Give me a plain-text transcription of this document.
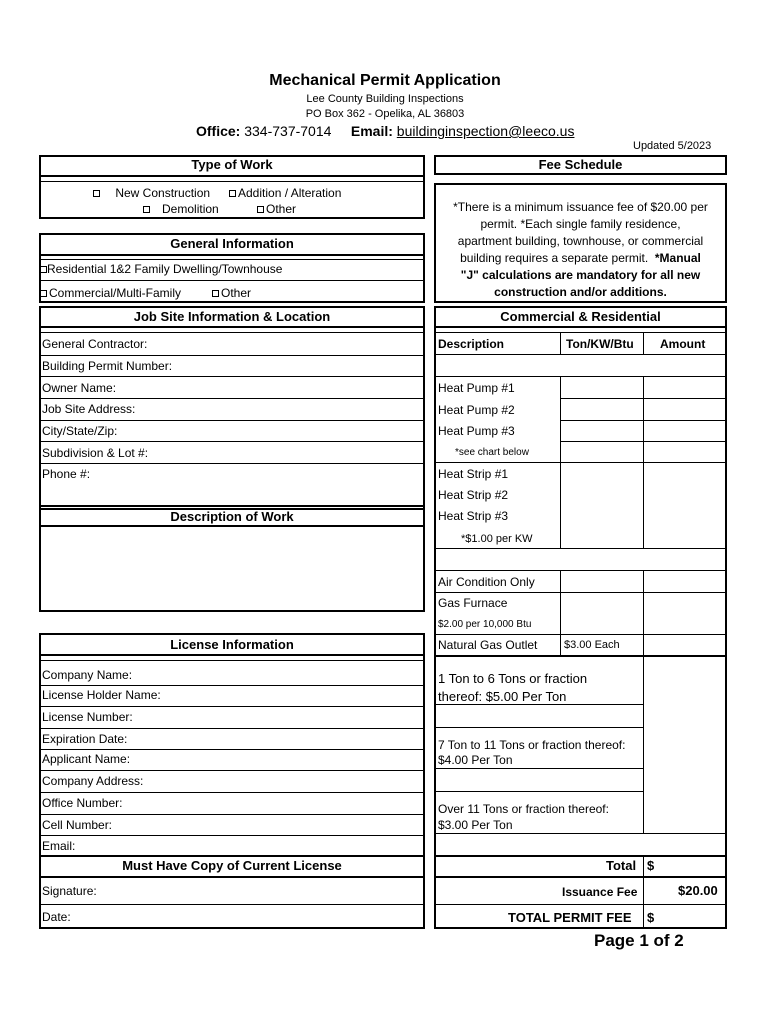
Mechanical Permit Application
Lee County Building Inspections
PO Box 362 - Opelika, AL 36803
Office: 334-737-7014 Email: buildinginspection@leeco.us
Updated 5/2023
Type of Work
New Construction	Addition / Alteration
Demolition	Other
General Information
Residential 1&2 Family Dwelling/Townhouse
Commercial/Multi-Family	Other
Job Site Information & Location
General Contractor:
Building Permit Number:
Owner Name:
Job Site Address:
City/State/Zip:
Subdivision & Lot #:
Phone #:
Description of Work
License Information
Company Name:
License Holder Name:
License Number:
Expiration Date:
Applicant Name:
Company Address:
Office Number:
Cell Number:
Email:
Must Have Copy of Current License
Signature:
Date:
Fee Schedule
*There is a minimum issuance fee of $20.00 per
permit. *Each single family residence,
apartment building, townhouse, or commercial
building requires a separate permit. *Manual
"J" calculations are mandatory for all new
construction and/or additions.
Commercial & Residential
Description	Ton/KW/Btu Amount
Heat Pump #1
Heat Pump #2
Heat Pump #3
*see chart below
Heat Strip #1
Heat Strip #2
Heat Strip #3
*$1.00 per KW
Air Condition Only
Gas Furnace
$2.00 per 10,000 Btu
Natural Gas Outlet $3.00 Each
1 Ton to 6 Tons or fraction
thereof: $5.00 Per Ton
7 Ton to 11 Tons or fraction thereof:
$4.00 Per Ton
Over 11 Tons or fraction thereof:
$3.00 Per Ton
Total $
Issuance Fee	$20.00
TOTAL PERMIT FEE $
Page 1 of 2
